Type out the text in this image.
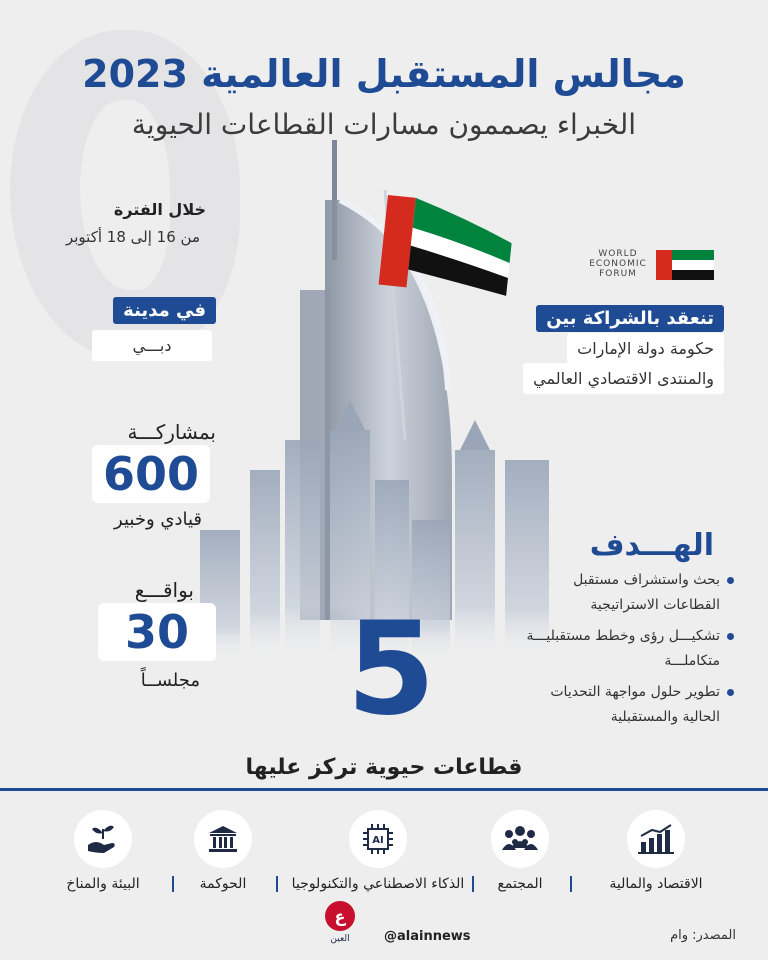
مجالس المستقبل العالمية 2023
الخبراء يصممون مسارات القطاعات الحيوية
خلال الفترة
من 16 إلى 18 أكتوبر
في مدينة
دبـــي
WORLD
ECONOMIC
FORUM
تنعقد بالشراكة بين
حكومة دولة الإمارات
والمنتدى الاقتصادي العالمي
بمشاركـــة
600
قيادي وخبير
بواقـــع
30
مجلســاً
الهـــدف
بحث واستشراف مستقبل القطاعات الاستراتيجية
تشكيـــل رؤى وخطط مستقبليـــة متكاملـــة
تطوير حلول مواجهة التحديات الحالية والمستقبلية
5
قطاعات حيوية تركز عليها
الاقتصاد والمالية
المجتمع
AI
الذكاء الاصطناعي والتكنولوجيا
الحوكمة
البيئة والمناخ
المصدر: وام
@alainnews
ع
العين
